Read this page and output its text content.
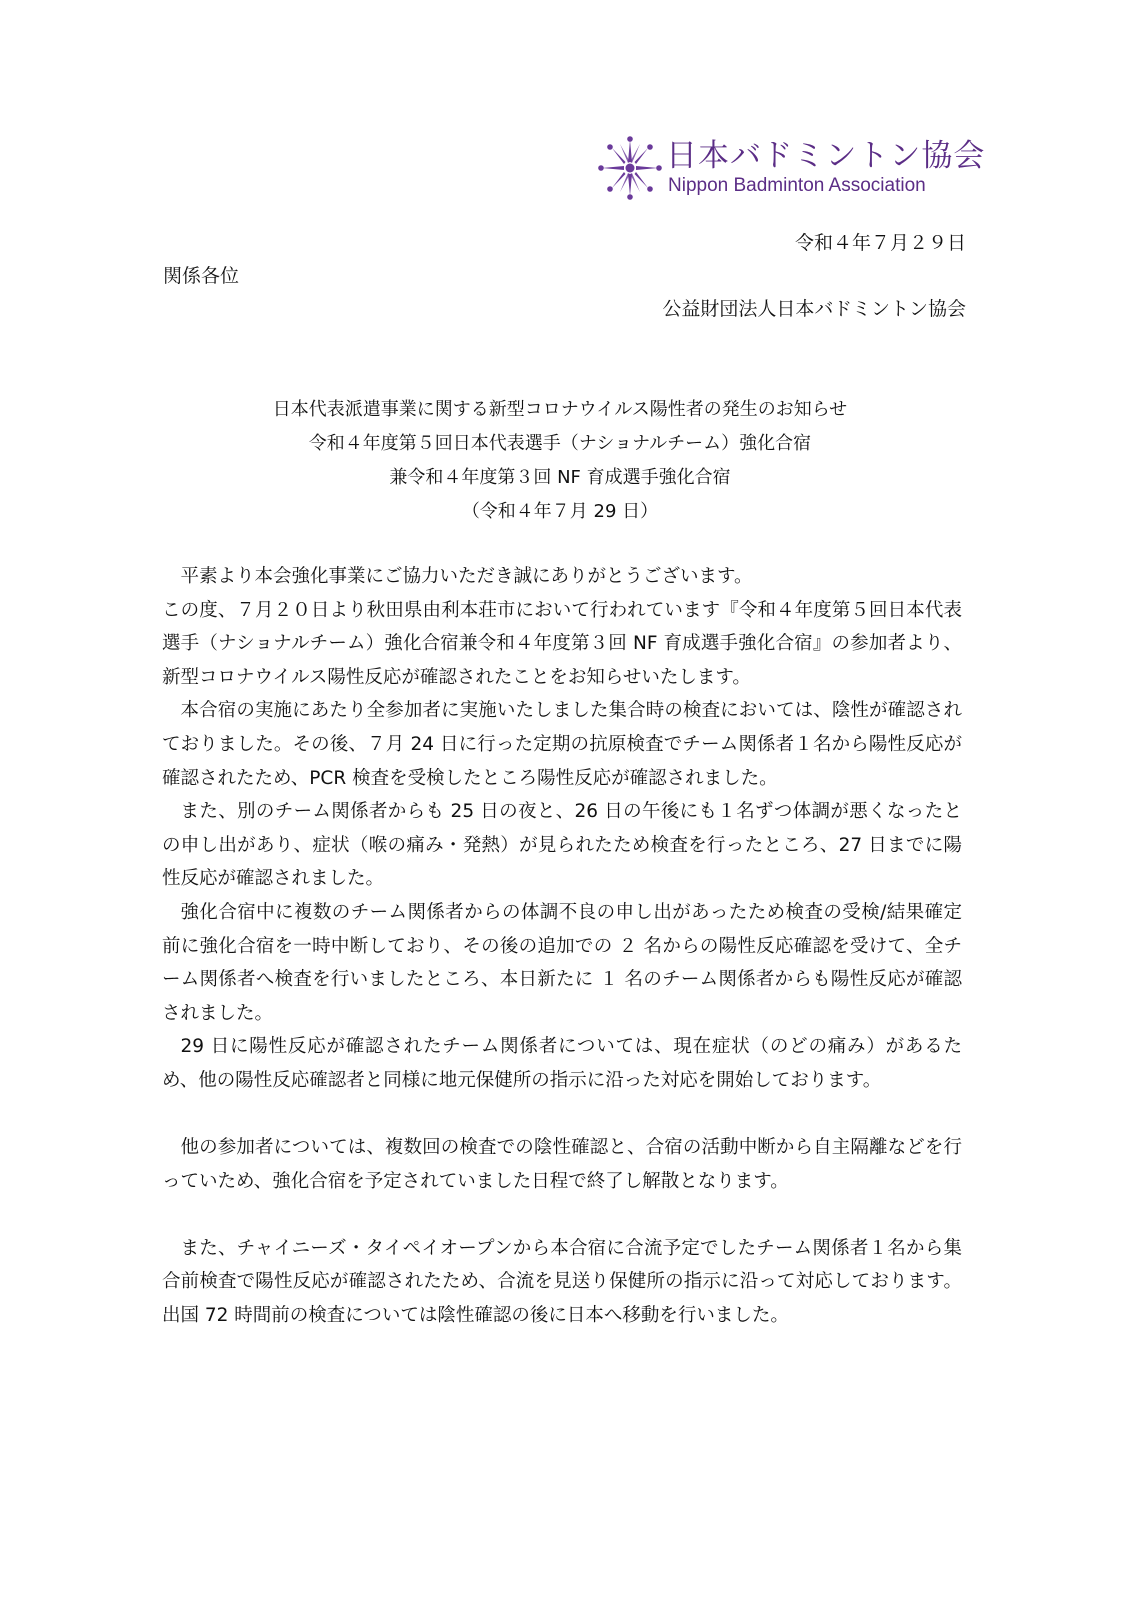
日本バドミントン協会
Nippon Badminton Association
令和４年７月２９日
関係各位
公益財団法人日本バドミントン協会
日本代表派遣事業に関する新型コロナウイルス陽性者の発生のお知らせ
令和４年度第５回日本代表選手（ナショナルチーム）強化合宿
兼令和４年度第３回 NF 育成選手強化合宿
（令和４年７月 29 日）

平素より本会強化事業にご協力いただき誠にありがとうございます。

この度、７月２０日より秋田県由利本荘市において行われています『令和４年度第５回日本代表選手（ナショナルチーム）強化合宿兼令和４年度第３回 NF 育成選手強化合宿』の参加者より、新型コロナウイルス陽性反応が確認されたことをお知らせいたします。

本合宿の実施にあたり全参加者に実施いたしました集合時の検査においては、陰性が確認されておりました。その後、７月 24 日に行った定期の抗原検査でチーム関係者１名から陽性反応が確認されたため、PCR 検査を受検したところ陽性反応が確認されました。

また、別のチーム関係者からも 25 日の夜と、26 日の午後にも１名ずつ体調が悪くなったとの申し出があり、症状（喉の痛み・発熱）が見られたため検査を行ったところ、27 日までに陽性反応が確認されました。

強化合宿中に複数のチーム関係者からの体調不良の申し出があったため検査の受検/結果確定前に強化合宿を一時中断しており、その後の追加での ２ 名からの陽性反応確認を受けて、全チーム関係者へ検査を行いましたところ、本日新たに １ 名のチーム関係者からも陽性反応が確認されました。

29 日に陽性反応が確認されたチーム関係者については、現在症状（のどの痛み）があるため、他の陽性反応確認者と同様に地元保健所の指示に沿った対応を開始しております。

他の参加者については、複数回の検査での陰性確認と、合宿の活動中断から自主隔離などを行っていため、強化合宿を予定されていました日程で終了し解散となります。

また、チャイニーズ・タイペイオープンから本合宿に合流予定でしたチーム関係者１名から集合前検査で陽性反応が確認されたため、合流を見送り保健所の指示に沿って対応しております。出国 72 時間前の検査については陰性確認の後に日本へ移動を行いました。
